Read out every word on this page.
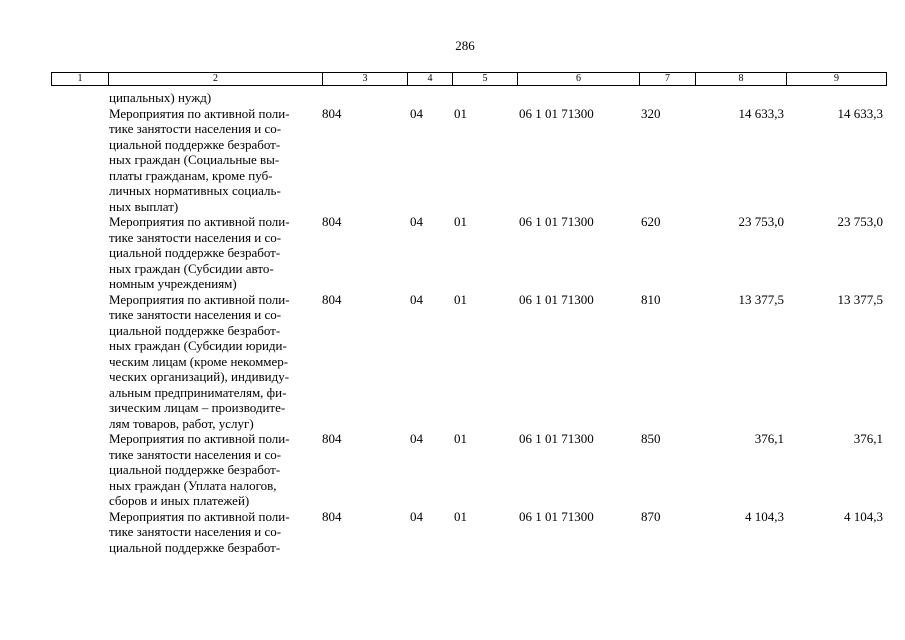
286
1	2	3	4	5	6	7	8	9
ципальных) нужд)
Мероприятия по активной поли-
тике занятости населения и со-
циальной поддержке безработ-
ных граждан (Социальные вы-
платы гражданам, кроме пуб-
личных нормативных социаль-
ных выплат)
804	04 01	06 1 01 71300	320	14 633,3	14 633,3
Мероприятия по активной поли-
тике занятости населения и со-
циальной поддержке безработ-
ных граждан (Субсидии авто-
номным учреждениям)
804	04 01	06 1 01 71300	620	23 753,0	23 753,0
Мероприятия по активной поли-
тике занятости населения и со-
циальной поддержке безработ-
ных граждан (Субсидии юриди-
ческим лицам (кроме некоммер-
ческих организаций), индивиду-
альным предпринимателям, фи-
зическим лицам – производите-
лям товаров, работ, услуг)
804	04 01	06 1 01 71300	810	13 377,5	13 377,5
Мероприятия по активной поли-
тике занятости населения и со-
циальной поддержке безработ-
ных граждан (Уплата налогов,
сборов и иных платежей)
804	04 01	06 1 01 71300	850	376,1	376,1
Мероприятия по активной поли-
тике занятости населения и со-
циальной поддержке безработ-
804	04 01	06 1 01 71300	870	4 104,3	4 104,3
